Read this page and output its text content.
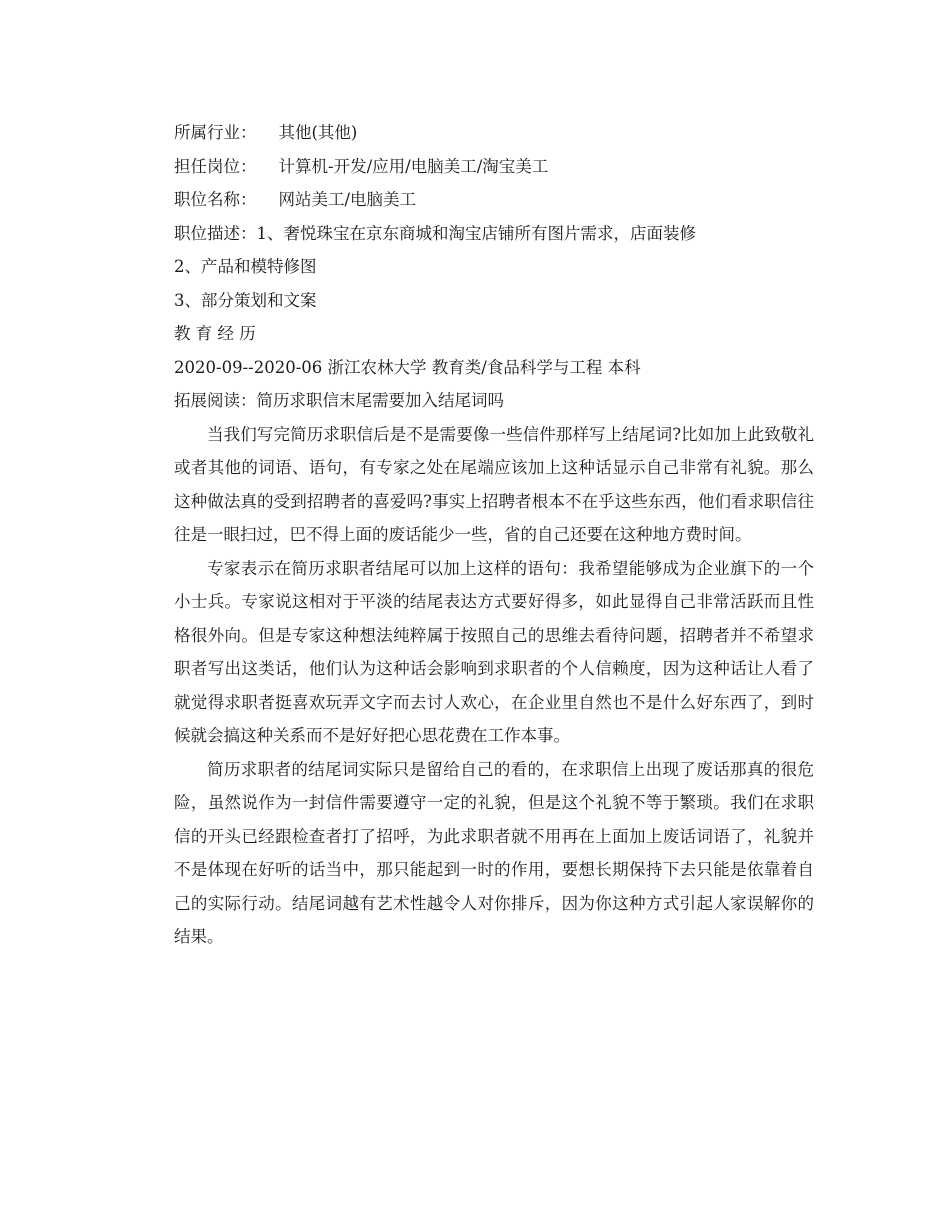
所属行业： 其他(其他)
担任岗位： 计算机-开发/应用/电脑美工/淘宝美工
职位名称： 网站美工/电脑美工
职位描述：1、奢悦珠宝在京东商城和淘宝店铺所有图片需求，店面装修
2、产品和模特修图
3、部分策划和文案
教 育 经 历
2020-09--2020-06 浙江农林大学 教育类/食品科学与工程 本科
拓展阅读：简历求职信末尾需要加入结尾词吗

当我们写完简历求职信后是不是需要像一些信件那样写上结尾词?比如加上此致敬礼或者其他的词语、语句，有专家之处在尾端应该加上这种话显示自己非常有礼貌。那么这种做法真的受到招聘者的喜爱吗?事实上招聘者根本不在乎这些东西，他们看求职信往往是一眼扫过，巴不得上面的废话能少一些，省的自己还要在这种地方费时间。

专家表示在简历求职者结尾可以加上这样的语句：我希望能够成为企业旗下的一个小士兵。专家说这相对于平淡的结尾表达方式要好得多，如此显得自己非常活跃而且性格很外向。但是专家这种想法纯粹属于按照自己的思维去看待问题，招聘者并不希望求职者写出这类话，他们认为这种话会影响到求职者的个人信赖度，因为这种话让人看了就觉得求职者挺喜欢玩弄文字而去讨人欢心，在企业里自然也不是什么好东西了，到时候就会搞这种关系而不是好好把心思花费在工作本事。

简历求职者的结尾词实际只是留给自己的看的，在求职信上出现了废话那真的很危险，虽然说作为一封信件需要遵守一定的礼貌，但是这个礼貌不等于繁琐。我们在求职信的开头已经跟检查者打了招呼，为此求职者就不用再在上面加上废话词语了，礼貌并不是体现在好听的话当中，那只能起到一时的作用，要想长期保持下去只能是依靠着自己的实际行动。结尾词越有艺术性越令人对你排斥，因为你这种方式引起人家误解你的结果。
